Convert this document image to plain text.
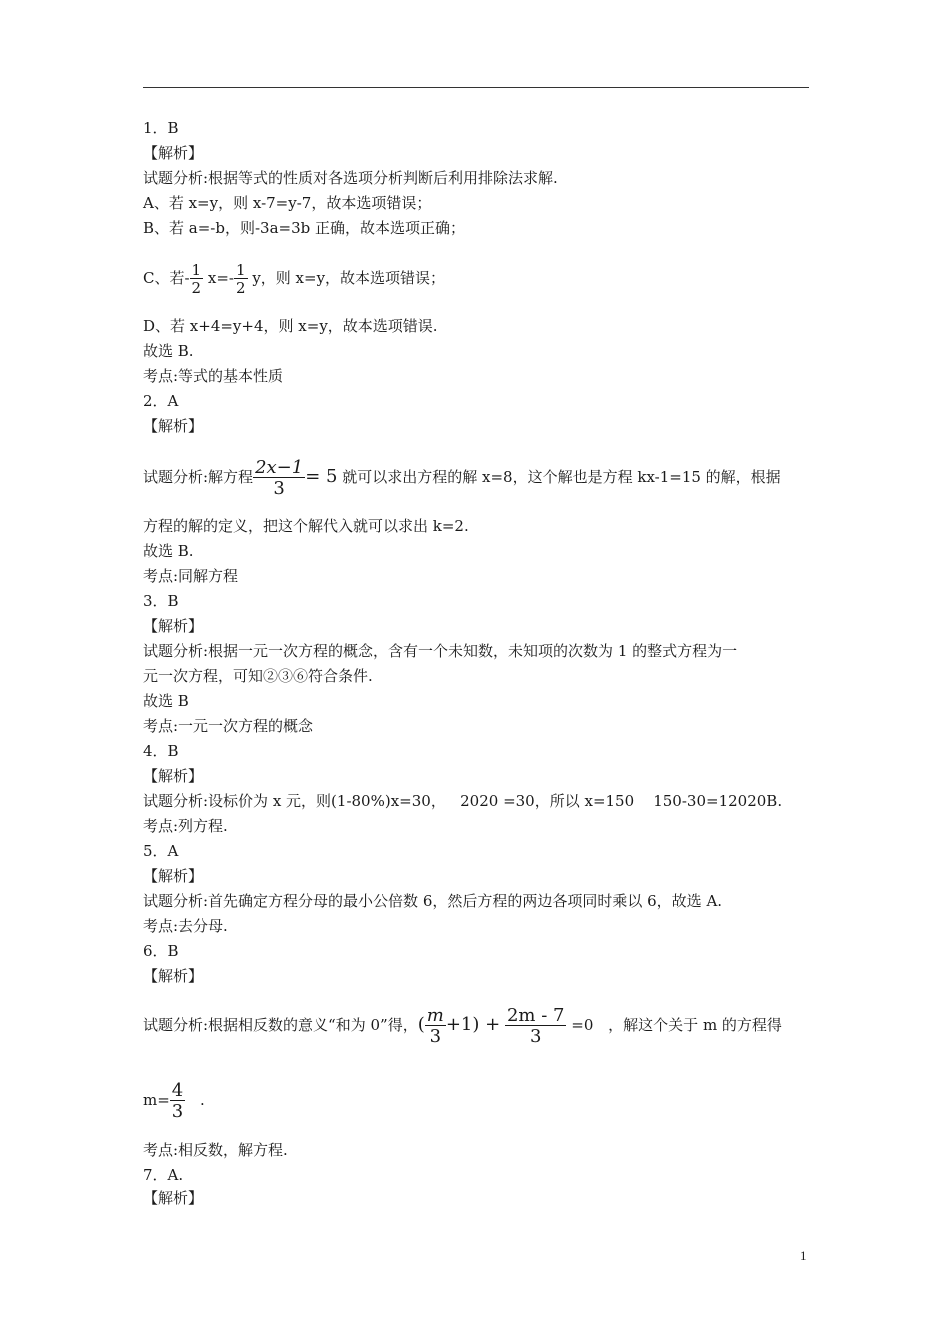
1．B
【解析】
试题分析:根据等式的性质对各选项分析判断后利用排除法求解.
A、若 x=y，则 x-7=y-7，故本选项错误；
B、若 a=-b，则-3a=3b 正确，故本选项正确；
C、若- $\frac{1}{2} x=- \frac{1}{2}$ y，则 x=y，故本选项错误；
D、若 x+4=y+4，则 x=y，故本选项错误.
故选 B.
考点:等式的基本性质
2．A
【解析】
试题分析:解方程 $\frac{2x-1}{3} = 5$ 就可以求出方程的解 x=8，这个解也是方程 kx-1=15 的解，根据
方程的解的定义，把这个解代入就可以求出 k=2.
故选 B.
考点:同解方程
3．B
【解析】
试题分析:根据一元一次方程的概念，含有一个未知数，未知项的次数为 1 的整式方程为一
元一次方程，可知②③⑥符合条件.
故选 B
考点:一元一次方程的概念
4．B
【解析】
试题分析:设标价为 x 元，则(1-80%)x=30，   2020 =30，所以 x=150    150-30=12020B.
考点:列方程.
5．A
【解析】
试题分析:首先确定方程分母的最小公倍数 6，然后方程的两边各项同时乘以 6，故选 A.
考点:去分母.
6．B
【解析】
试题分析:根据相反数的意义“和为 0”得，( $\frac{m}{3} +1) + \frac{2m - 7}{3} =0$ ，解这个关于 m 的方程得
$m= \frac{4}{3}$ .
考点:相反数，解方程.
7．A.
【解析】
1
